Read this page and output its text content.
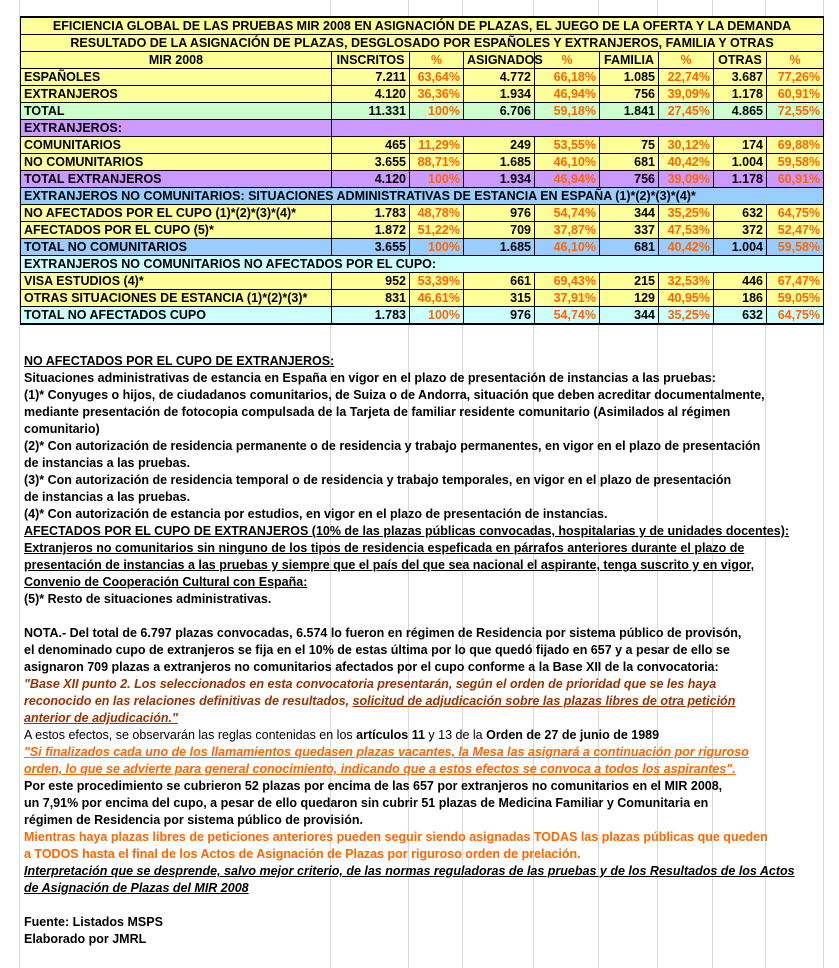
EFICIENCIA GLOBAL DE LAS PRUEBAS MIR 2008 EN ASIGNACIÓN DE PLAZAS, EL JUEGO DE LA OFERTA Y LA DEMANDA								
RESULTADO DE LA ASIGNACIÓN DE PLAZAS, DESGLOSADO POR ESPAÑOLES Y EXTRANJEROS, FAMILIA Y OTRAS								
MIR 2008	INSCRITOS	%	ASIGNADOS	%	FAMILIA	%	OTRAS	%
ESPAÑOLES	7.211	63,64%	4.772	66,18%	1.085	22,74%	3.687	77,26%
EXTRANJEROS	4.120	36,36%	1.934	46,94%	756	39,09%	1.178	60,91%
TOTAL	11.331	100%	6.706	59,18%	1.841	27,45%	4.865	72,55%
EXTRANJEROS:								
COMUNITARIOS	465	11,29%	249	53,55%	75	30,12%	174	69,88%
NO COMUNITARIOS	3.655	88,71%	1.685	46,10%	681	40,42%	1.004	59,58%
TOTAL EXTRANJEROS	4.120	100%	1.934	46,94%	756	39,09%	1.178	60,91%
EXTRANJEROS NO COMUNITARIOS: SITUACIONES ADMINISTRATIVAS DE ESTANCIA EN ESPAÑA (1)*(2)*(3)*(4)*								
NO AFECTADOS POR EL CUPO (1)*(2)*(3)*(4)*	1.783	48,78%	976	54,74%	344	35,25%	632	64,75%
AFECTADOS POR EL CUPO (5)*	1.872	51,22%	709	37,87%	337	47,53%	372	52,47%
TOTAL NO COMUNITARIOS	3.655	100%	1.685	46,10%	681	40,42%	1.004	59,58%
EXTRANJEROS NO COMUNITARIOS NO AFECTADOS POR EL CUPO:								
VISA ESTUDIOS (4)*	952	53,39%	661	69,43%	215	32,53%	446	67,47%
OTRAS SITUACIONES DE ESTANCIA (1)*(2)*(3)*	831	46,61%	315	37,91%	129	40,95%	186	59,05%
TOTAL NO AFECTADOS CUPO	1.783	100%	976	54,74%	344	35,25%	632	64,75%

NO AFECTADOS POR EL CUPO DE EXTRANJEROS:

Situaciones administrativas de estancia en España en vigor en el plazo de presentación de instancias a las pruebas:

(1)* Conyuges o hijos, de ciudadanos comunitarios, de Suiza o de Andorra, situación que deben acreditar documentalmente,

mediante presentación de fotocopia compulsada de la Tarjeta de familiar residente comunitario (Asimilados al régimen

comunitario)

(2)* Con autorización de residencia permanente o de residencia y trabajo permanentes, en vigor en el plazo de presentación

de instancias a las pruebas.

(3)* Con autorización de residencia temporal o de residencia y trabajo temporales, en vigor en el plazo de presentación

de instancias a las pruebas.

(4)* Con autorización de estancia por estudios, en vigor en el plazo de presentación de instancias.

AFECTADOS POR EL CUPO DE EXTRANJEROS (10% de las plazas públicas convocadas, hospitalarias y de unidades docentes):

Extranjeros no comunitarios sin ninguno de los tipos de residencia espeficada en párrafos anteriores durante el plazo de

presentación de instancias a las pruebas y siempre que el país del que sea nacional el aspirante, tenga suscrito y en vigor,

Convenio de Cooperación Cultural con España:

(5)* Resto de situaciones administrativas.

NOTA.- Del total de 6.797 plazas convocadas, 6.574 lo fueron en régimen de Residencia por sistema público de provisón,

el denominado cupo de extranjeros se fija en el 10% de estas última por lo que quedó fijado en 657 y a pesar de ello se

asignaron 709 plazas a extranjeros no comunitarios afectados por el cupo conforme a la Base XII de la convocatoria:

"Base XII punto 2. Los seleccionados en esta convocatoria presentarán, según el orden de prioridad que se les haya

reconocido en las relaciones definitivas de resultados, solicitud de adjudicación sobre las plazas libres de otra petición

anterior de adjudicación."

A estos efectos, se observarán las reglas contenidas en los artículos 11 y 13 de la Orden de 27 de junio de 1989

"Si finalizados cada uno de los llamamientos quedasen plazas vacantes, la Mesa las asignará a continuación por riguroso

orden, lo que se advierte para general conocimiento, indicando que a estos efectos se convoca a todos los aspirantes".

Por este procedimiento se cubrieron 52 plazas por encima de las 657 por extranjeros no comunitarios en el MIR 2008,

un 7,91% por encima del cupo, a pesar de ello quedaron sin cubrir 51 plazas de Medicina Familiar y Comunitaria en

régimen de Residencia por sistema público de provisión.

Mientras haya plazas libres de peticiones anteriores pueden seguir siendo asignadas TODAS las plazas públicas que queden

a TODOS hasta el final de los Actos de Asignación de Plazas por riguroso orden de prelación.

Interpretación que se desprende, salvo mejor criterio, de las normas reguladoras de las pruebas y de los Resultados de los Actos

de Asignación de Plazas del MIR 2008

Fuente: Listados MSPS

Elaborado por JMRL
